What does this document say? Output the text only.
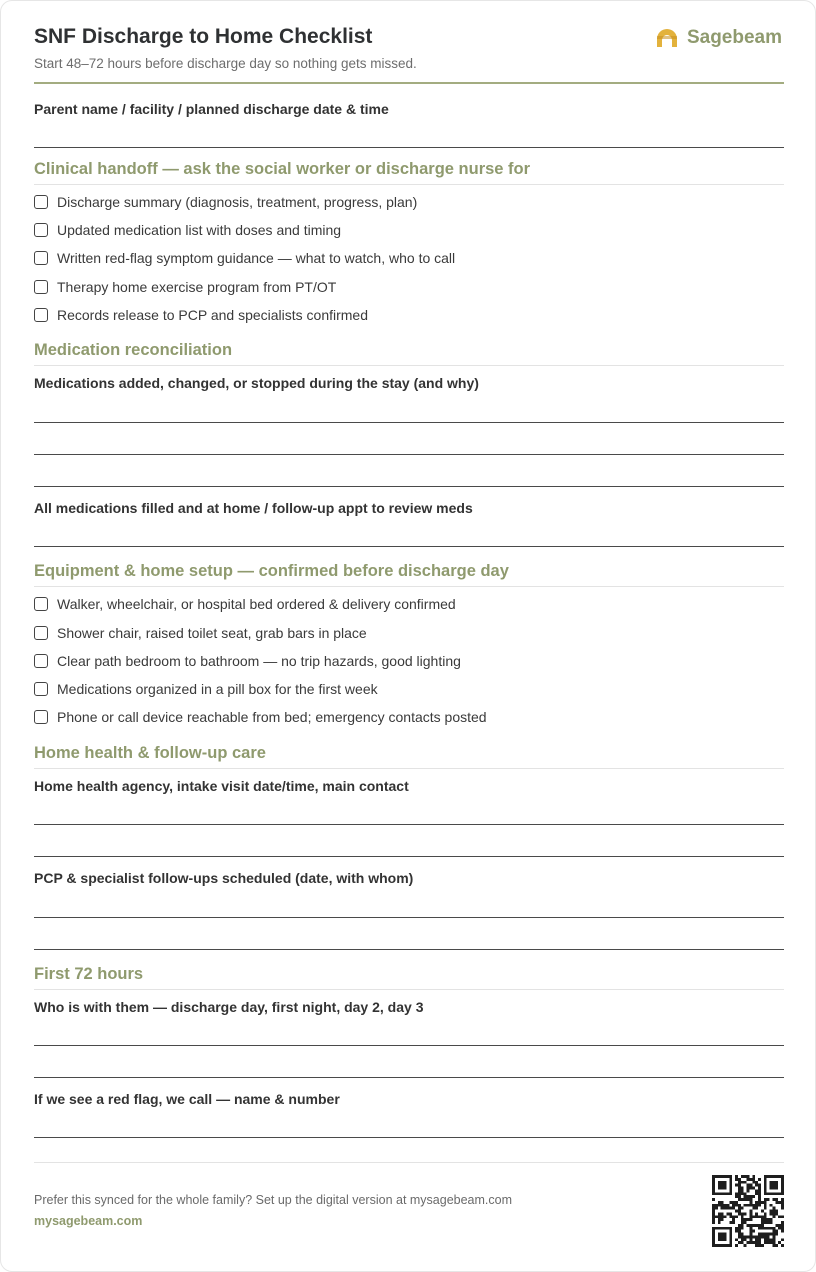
SNF Discharge to Home Checklist
Start 48–72 hours before discharge day so nothing gets missed.
Sagebeam
Parent name / facility / planned discharge date & time
Clinical handoff — ask the social worker or discharge nurse for
Discharge summary (diagnosis, treatment, progress, plan)
Updated medication list with doses and timing
Written red-flag symptom guidance — what to watch, who to call
Therapy home exercise program from PT/OT
Records release to PCP and specialists confirmed
Medication reconciliation
Medications added, changed, or stopped during the stay (and why)
All medications filled and at home / follow-up appt to review meds
Equipment & home setup — confirmed before discharge day
Walker, wheelchair, or hospital bed ordered & delivery confirmed
Shower chair, raised toilet seat, grab bars in place
Clear path bedroom to bathroom — no trip hazards, good lighting
Medications organized in a pill box for the first week
Phone or call device reachable from bed; emergency contacts posted
Home health & follow-up care
Home health agency, intake visit date/time, main contact
PCP & specialist follow-ups scheduled (date, with whom)
First 72 hours
Who is with them — discharge day, first night, day 2, day 3
If we see a red flag, we call — name & number
Prefer this synced for the whole family? Set up the digital version at mysagebeam.com
mysagebeam.com
